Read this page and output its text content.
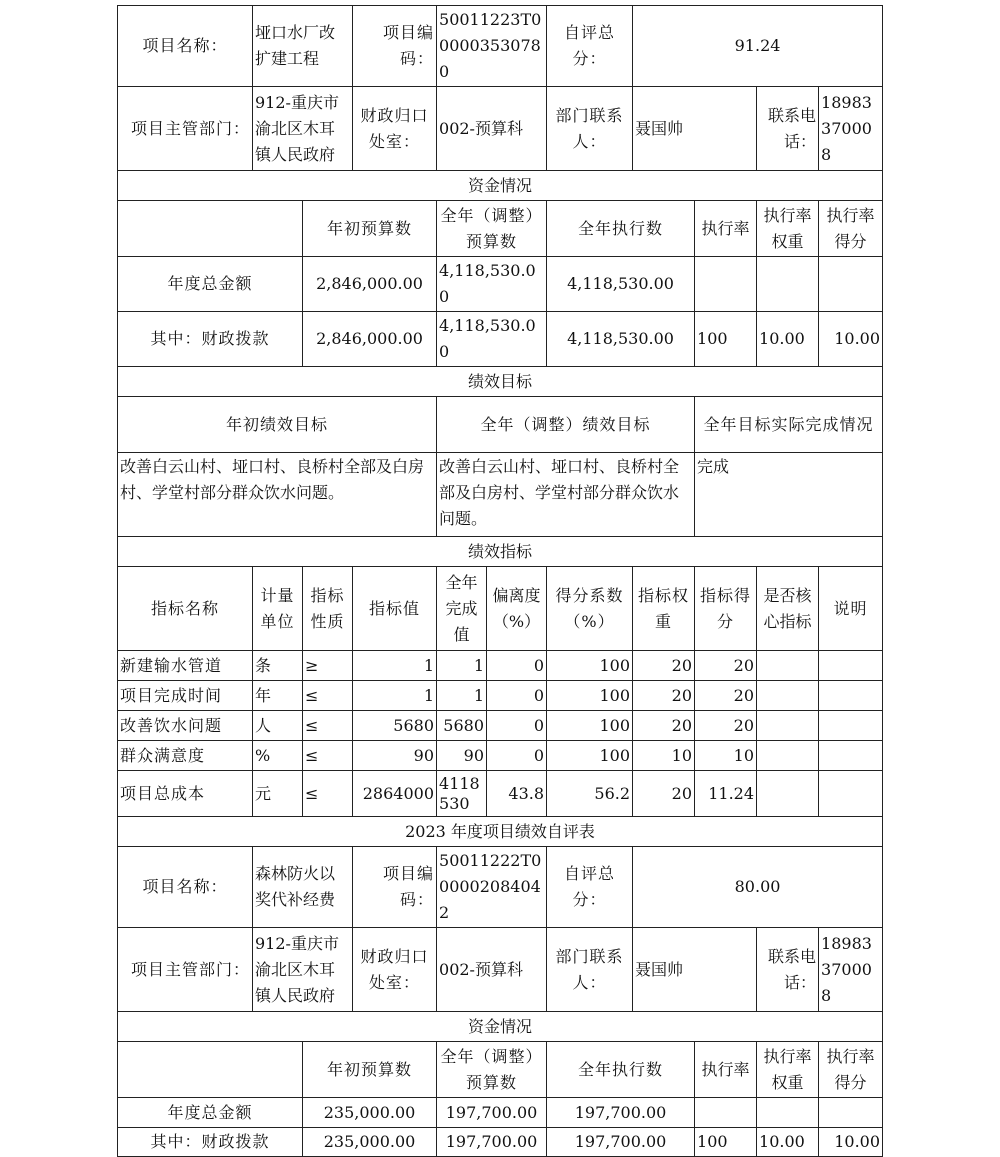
项目名称：	垭口水厂改扩建工程		项目编码：	50011223T000003530780		自评总分：	91.24			
项目主管部门：	912-重庆市渝北区木耳镇人民政府		财政归口处室：	002-预算科		部门联系人：	聂国帅		联系电话：	18983370008
资金情况										
		年初预算数		全年（调整）预算数		全年执行数		执行率	执行率权重	执行率得分
年度总金额		2,846,000.00		4,118,530.00		4,118,530.00				
其中：财政拨款		2,846,000.00		4,118,530.00		4,118,530.00		100	10.00	10.00
绩效目标										
年初绩效目标				全年（调整）绩效目标				全年目标实际完成情况		
改善白云山村、垭口村、良桥村全部及白房村、学堂村部分群众饮水问题。				改善白云山村、垭口村、良桥村全部及白房村、学堂村部分群众饮水问题。				完成		
绩效指标										
指标名称	计量单位	指标性质	指标值	全年完成值	偏离度（%）	得分系数（%）	指标权重	指标得分	是否核心指标	说明
新建输水管道	条	≥	1	1	0	100	20	20		
项目完成时间	年	≤	1	1	0	100	20	20		
改善饮水问题	人	≤	5680	5680	0	100	20	20		
群众满意度	%	≤	90	90	0	100	10	10		
项目总成本	元	≤	2864000	4118530	43.8	56.2	20	11.24		
2023 年度项目绩效自评表										
项目名称：	森林防火以奖代补经费		项目编码：	50011222T000002084042		自评总分：	80.00			
项目主管部门：	912-重庆市渝北区木耳镇人民政府		财政归口处室：	002-预算科		部门联系人：	聂国帅		联系电话：	18983370008
资金情况										
		年初预算数		全年（调整）预算数		全年执行数		执行率	执行率权重	执行率得分
年度总金额		235,000.00		197,700.00		197,700.00				
其中：财政拨款		235,000.00		197,700.00		197,700.00		100	10.00	10.00
